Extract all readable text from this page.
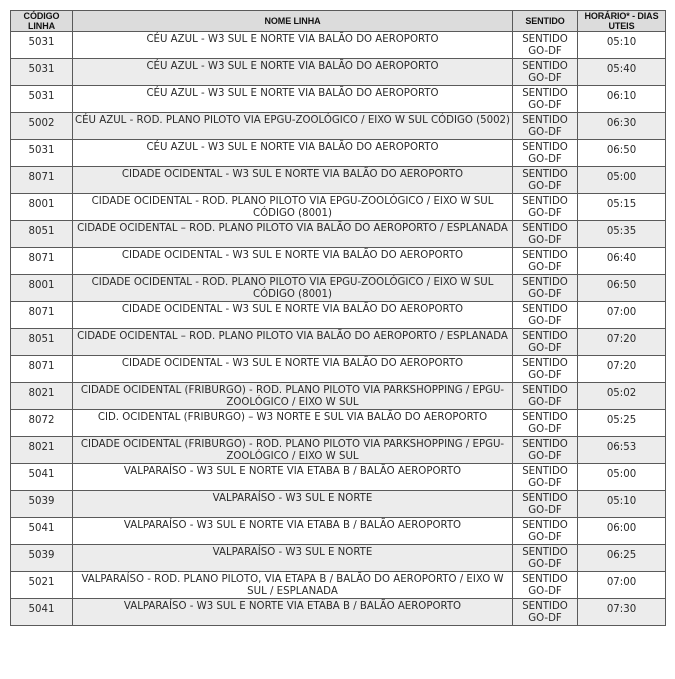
CÓDIGO LINHA	NOME LINHA	SENTIDO	HORÁRIO* - DIAS UTEIS
5031	CÉU AZUL - W3 SUL E NORTE VIA BALÃO DO AEROPORTO	SENTIDO GO-DF	05:10
5031	CÉU AZUL - W3 SUL E NORTE VIA BALÃO DO AEROPORTO	SENTIDO GO-DF	05:40
5031	CÉU AZUL - W3 SUL E NORTE VIA BALÃO DO AEROPORTO	SENTIDO GO-DF	06:10
5002	CÉU AZUL - ROD. PLANO PILOTO VIA EPGU-ZOOLÓGICO / EIXO W SUL CÓDIGO (5002)	SENTIDO GO-DF	06:30
5031	CÉU AZUL - W3 SUL E NORTE VIA BALÃO DO AEROPORTO	SENTIDO GO-DF	06:50
8071	CIDADE OCIDENTAL - W3 SUL E NORTE VIA BALÃO DO AEROPORTO	SENTIDO GO-DF	05:00
8001	CIDADE OCIDENTAL - ROD. PLANO PILOTO VIA EPGU-ZOOLÓGICO / EIXO W SUL CÓDIGO (8001)	SENTIDO GO-DF	05:15
8051	CIDADE OCIDENTAL – ROD. PLANO PILOTO VIA BALÃO DO AEROPORTO / ESPLANADA	SENTIDO GO-DF	05:35
8071	CIDADE OCIDENTAL - W3 SUL E NORTE VIA BALÃO DO AEROPORTO	SENTIDO GO-DF	06:40
8001	CIDADE OCIDENTAL - ROD. PLANO PILOTO VIA EPGU-ZOOLÓGICO / EIXO W SUL CÓDIGO (8001)	SENTIDO GO-DF	06:50
8071	CIDADE OCIDENTAL - W3 SUL E NORTE VIA BALÃO DO AEROPORTO	SENTIDO GO-DF	07:00
8051	CIDADE OCIDENTAL – ROD. PLANO PILOTO VIA BALÃO DO AEROPORTO / ESPLANADA	SENTIDO GO-DF	07:20
8071	CIDADE OCIDENTAL - W3 SUL E NORTE VIA BALÃO DO AEROPORTO	SENTIDO GO-DF	07:20
8021	CIDADE OCIDENTAL (FRIBURGO) - ROD. PLANO PILOTO VIA PARKSHOPPING / EPGU-ZOOLÓGICO / EIXO W SUL	SENTIDO GO-DF	05:02
8072	CID. OCIDENTAL (FRIBURGO) – W3 NORTE E SUL VIA BALÃO DO AEROPORTO	SENTIDO GO-DF	05:25
8021	CIDADE OCIDENTAL (FRIBURGO) - ROD. PLANO PILOTO VIA PARKSHOPPING / EPGU-ZOOLÓGICO / EIXO W SUL	SENTIDO GO-DF	06:53
5041	VALPARAÍSO - W3 SUL E NORTE VIA ETABA B / BALÃO AEROPORTO	SENTIDO GO-DF	05:00
5039	VALPARAÍSO - W3 SUL E NORTE	SENTIDO GO-DF	05:10
5041	VALPARAÍSO - W3 SUL E NORTE VIA ETABA B / BALÃO AEROPORTO	SENTIDO GO-DF	06:00
5039	VALPARAÍSO - W3 SUL E NORTE	SENTIDO GO-DF	06:25
5021	VALPARAÍSO - ROD. PLANO PILOTO, VIA ETAPA B / BALÃO DO AEROPORTO / EIXO W SUL / ESPLANADA	SENTIDO GO-DF	07:00
5041	VALPARAÍSO - W3 SUL E NORTE VIA ETABA B / BALÃO AEROPORTO	SENTIDO GO-DF	07:30
